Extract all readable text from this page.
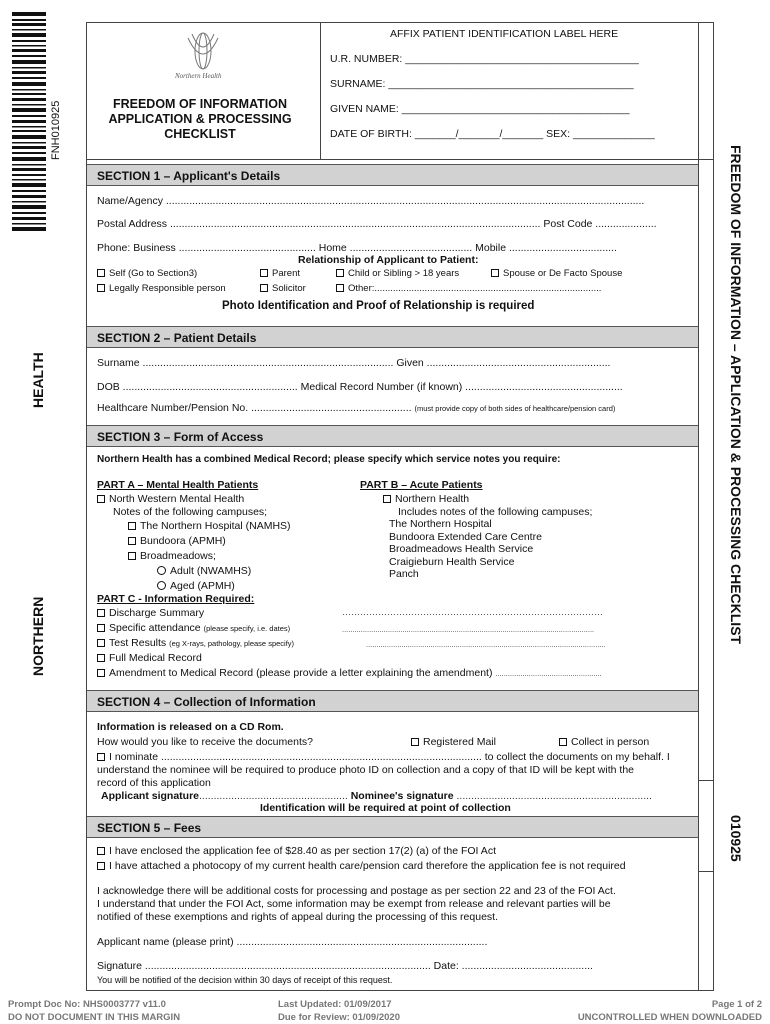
FNH010925
HEALTH
NORTHERN	FREEDOM OF INFORMATION – APPLICATION & PROCESSING CHECKLIST
010925
Northern Health
FREEDOM OF INFORMATION
APPLICATION & PROCESSING
CHECKLIST
AFFIX PATIENT IDENTIFICATION LABEL HERE
U.R. NUMBER: ________________________________________
SURNAME: __________________________________________
GIVEN NAME: _______________________________________
DATE OF BIRTH: _______/_______/_______ SEX: ______________
SECTION 1 – Applicant's Details
Name/Agency ....................................................................................................................................................................
Postal Address ............................................................................................................................... Post Code .....................
Phone: Business ............................................... Home .......................................... Mobile .....................................
Relationship of Applicant to Patient:
Self (Go to Section3)	Parent	Child or Sibling > 18 years	Spouse or De Facto Spouse
Legally Responsible person	Solicitor	Other:......................................................................................
Photo Identification and Proof of Relationship is required
SECTION 2 – Patient Details
Surname ...................................................................................... Given ...............................................................
DOB ............................................................ Medical Record Number (if known) ......................................................
Healthcare Number/Pension No. ....................................................... (must provide copy of both sides of healthcare/pension card)
SECTION 3 – Form of Access
Northern Health has a combined Medical Record; please specify which service notes you require:
PART A – Mental Health Patients
North Western Mental Health
Notes of the following campuses;
The Northern Hospital (NAMHS)
Bundoora (APMH)
Broadmeadows;
Adult (NWAMHS)
Aged (APMH)
PART B – Acute Patients
Northern Health
Includes notes of the following campuses;
The Northern Hospital
Bundoora Extended Care Centre
Broadmeadows Health Service
Craigieburn Health Service
Panch
PART C - Information Required:
Discharge Summary	……………………………………………………………………………
Specific attendance (please specify, i.e. dates)	.........................................................................................................................
Test Results (eg X-rays, pathology, please specify)	...................................................................................................................
Full Medical Record
Amendment to Medical Record (please provide a letter explaining the amendment) ...................................................
SECTION 4 – Collection of Information
Information is released on a CD Rom.
How would you like to receive the documents?	Registered Mail	Collect in person
I nominate .............................................................................................................. to collect the documents on my behalf. I
understand the nominee will be required to produce photo ID on collection and a copy of that ID will be kept with the
record of this application
Applicant signature................................................... Nominee's signature ...................................................................
Identification will be required at point of collection
SECTION 5 – Fees
I have enclosed the application fee of $28.40 as per section 17(2) (a) of the FOI Act
I have attached a photocopy of my current health care/pension card therefore the application fee is not required
I acknowledge there will be additional costs for processing and postage as per section 22 and 23 of the FOI Act.
I understand that under the FOI Act, some information may be exempt from release and relevant parties will be
notified of these exemptions and rights of appeal during the processing of this request.
Applicant name (please print) ......................................................................................
Signature .................................................................................................. Date: .............................................
You will be notified of the decision within 30 days of receipt of this request.
Prompt Doc No: NHS0003777 v11.0
DO NOT DOCUMENT IN THIS MARGIN
Last Updated: 01/09/2017
Due for Review: 01/09/2020
Page 1 of 2
UNCONTROLLED WHEN DOWNLOADED
